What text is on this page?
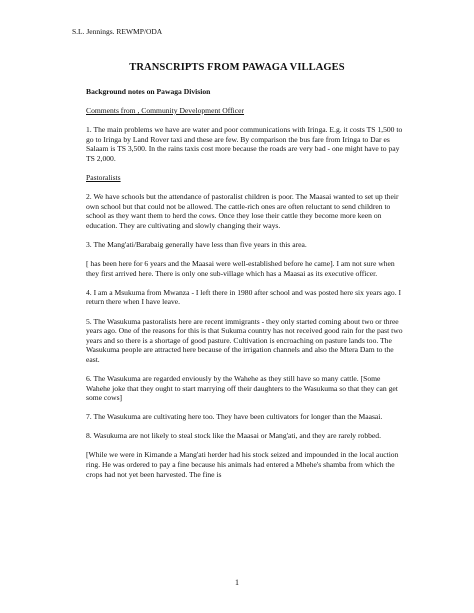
S.L. Jennings. REWMP/ODA
TRANSCRIPTS FROM PAWAGA VILLAGES

Background notes on Pawaga Division

Comments from , Community Development Officer

1. The main problems we have are water and poor communications with Iringa. E.g. it costs TS 1,500 to go to Iringa by Land Rover taxi and these are few. By comparison the bus fare from Iringa to Dar es Salaam is TS 3,500. In the rains taxis cost more because the roads are very bad - one might have to pay TS 2,000.

Pastoralists

2. We have schools but the attendance of pastoralist children is poor. The Maasai wanted to set up their own school but that could not be allowed. The cattle-rich ones are often reluctant to send children to school as they want them to herd the cows. Once they lose their cattle they become more keen on education. They are cultivating and slowly changing their ways.

3. The Mang'ati/Barabaig generally have less than five years in this area.

[ has been here for 6 years and the Maasai were well-established before he came]. I am not sure when they first arrived here. There is only one sub-village which has a Maasai as its executive officer.

4. I am a Msukuma from Mwanza - I left there in 1980 after school and was posted here six years ago. I return there when I have leave.

5. The Wasukuma pastoralists here are recent immigrants - they only started coming about two or three years ago. One of the reasons for this is that Sukuma country has not received good rain for the past two years and so there is a shortage of good pasture. Cultivation is encroaching on pasture lands too. The Wasukuma people are attracted here because of the irrigation channels and also the Mtera Dam to the east.

6. The Wasukuma are regarded enviously by the Wahehe as they still have so many cattle. [Some Wahehe joke that they ought to start marrying off their daughters to the Wasukuma so that they can get some cows]

7. The Wasukuma are cultivating here too. They have been cultivators for longer than the Maasai.

8. Wasukuma are not likely to steal stock like the Maasai or Mang'ati, and they are rarely robbed.

[While we were in Kimande a Mang'ati herder had his stock seized and impounded in the local auction ring. He was ordered to pay a fine because his animals had entered a Mhehe's shamba from which the crops had not yet been harvested. The fine is

1
